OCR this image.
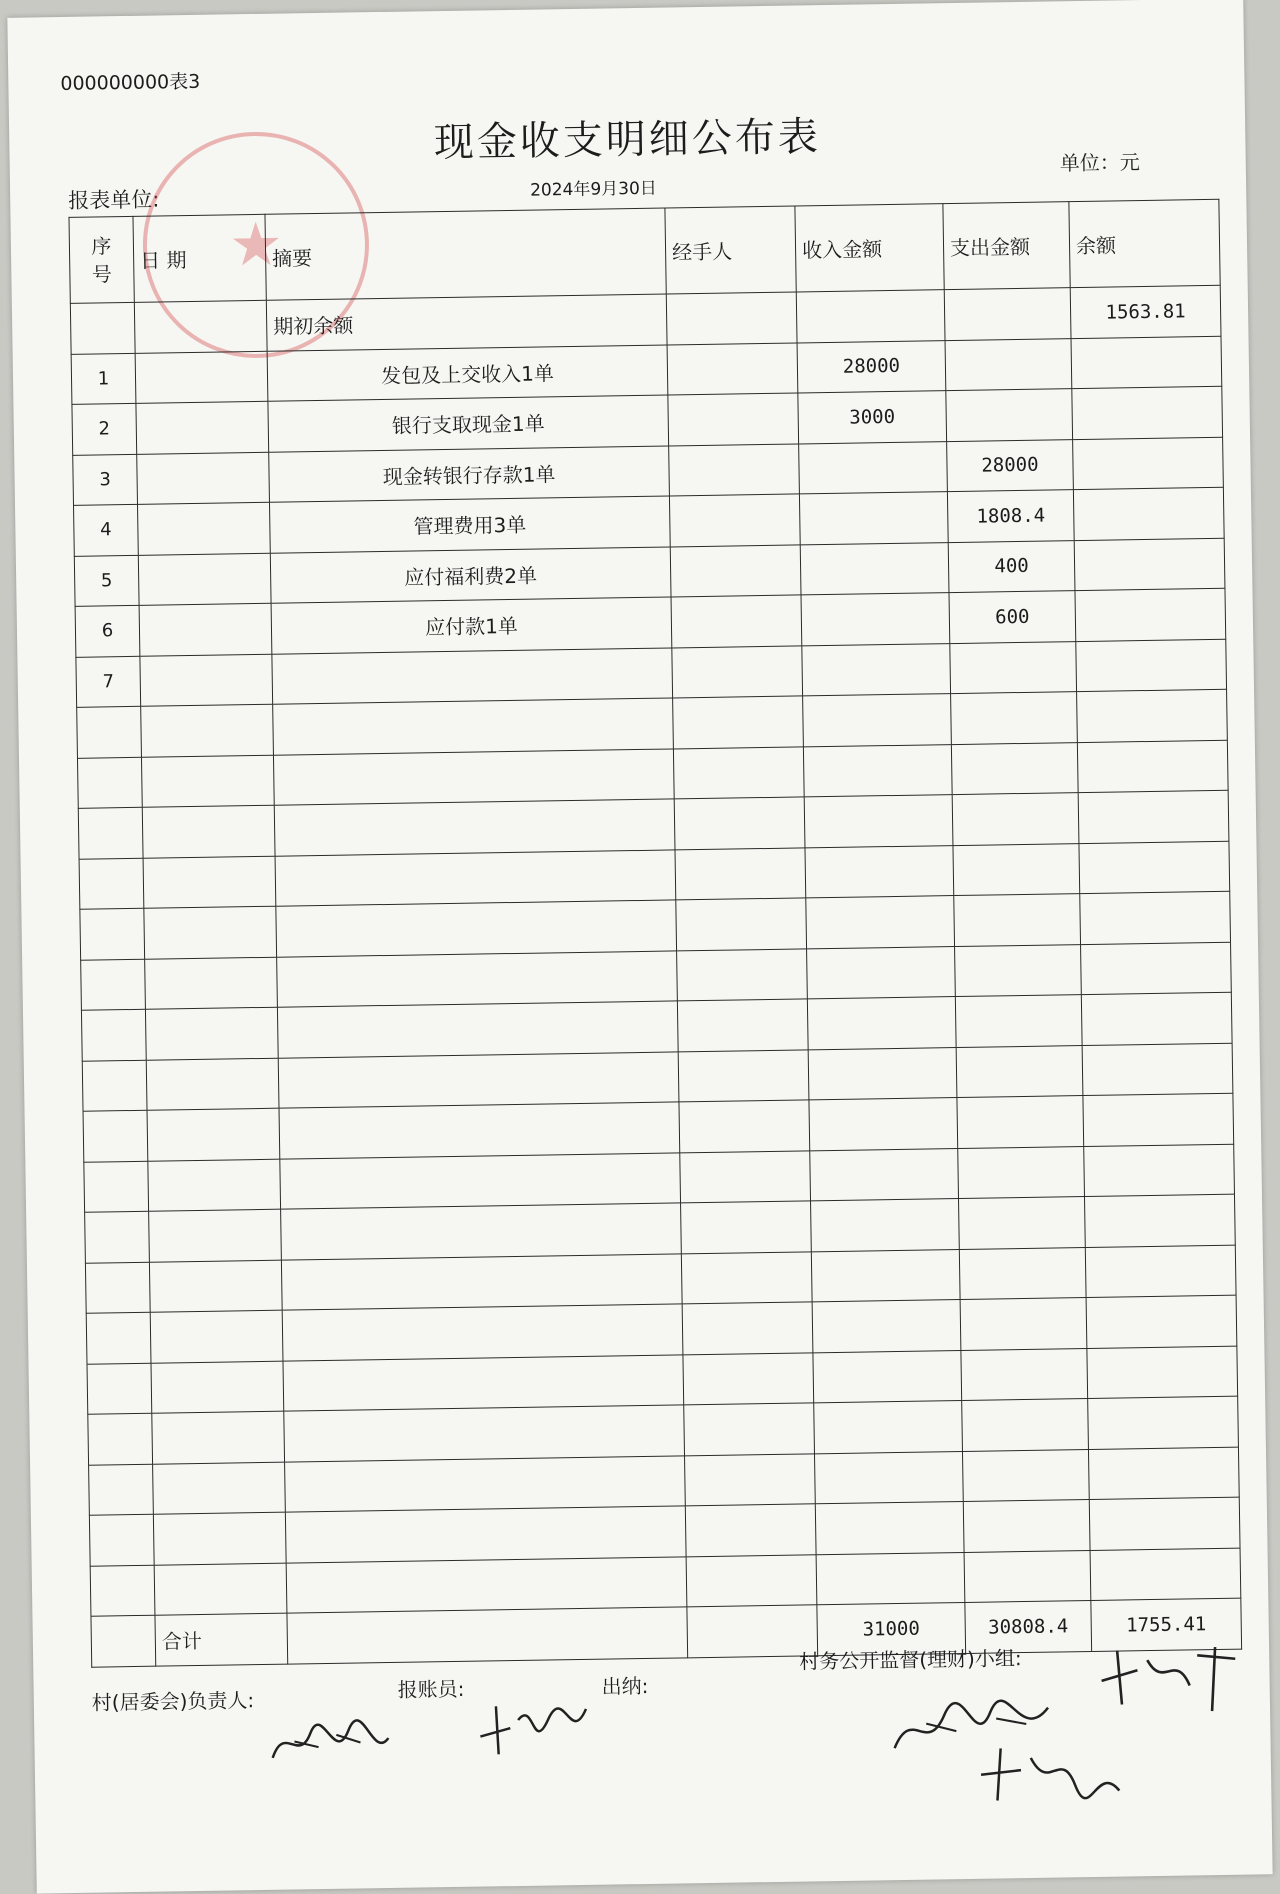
000000000表3
现金收支明细公布表
报表单位:	2024年9月30日
单位：元
★
序
号	日 期	摘要	经手人	收入金额	支出金额	余额
		期初余额				1563.81
1		发包及上交收入1单		28000		
2		银行支取现金1单		3000		
3		现金转银行存款1单			28000	
4		管理费用3单			1808.4	
5		应付福利费2单			400	
6		应付款1单			600	
7						

	合计			31000	30808.4	1755.41
村(居委会)负责人:	报账员:	出纳:
村务公开监督(理财)小组:
